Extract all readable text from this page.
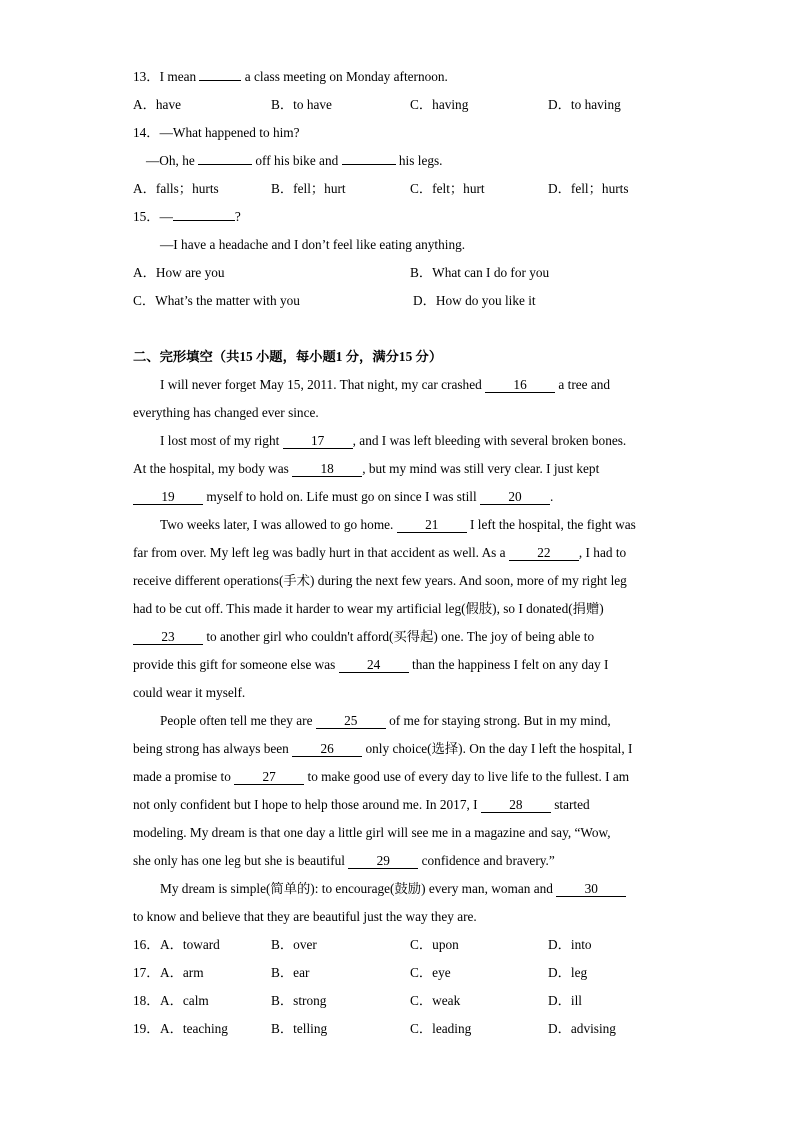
13．I mean	a class meeting on Monday afternoon.
A．have	B．to have	C．having	D．to having
14．—What happened to him?
—Oh, he	off his bike and	his legs.
A．falls；hurts	B．fell；hurt	C．felt；hurt	D．fell；hurts
15．—	?
—I have a headache and I don’t feel like eating anything.
A．How are you	B．What can I do for you
C．What’s the matter with you	D．How do you like it
二、完形填空（共15 小题，每小题1 分，满分15 分）
I will never forget May 15, 2011. That night, my car crashed 16 a tree and
everything has changed ever since.
I lost most of my right 17 , and I was left bleeding with several broken bones.
At the hospital, my body was 18 , but my mind was still very clear. I just kept
19 myself to hold on. Life must go on since I was still 20 .
Two weeks later, I was allowed to go home. 21 I left the hospital, the fight was
far from over. My left leg was badly hurt in that accident as well. As a 22 , I had to
receive different operations(手术) during the next few years. And soon, more of my right leg
had to be cut off. This made it harder to wear my artificial leg(假肢), so I donated(捐赠)
23 to another girl who couldn't afford(买得起) one. The joy of being able to
provide this gift for someone else was 24 than the happiness I felt on any day I
could wear it myself.
People often tell me they are 25 of me for staying strong. But in my mind,
being strong has always been 26 only choice(选择). On the day I left the hospital, I
made a promise to 27 to make good use of every day to live life to the fullest. I am
not only confident but I hope to help those around me. In 2017, I 28 started
modeling. My dream is that one day a little girl will see me in a magazine and say, “Wow,
she only has one leg but she is beautiful 29 confidence and bravery.”
My dream is simple(简单的): to encourage(鼓励) every man, woman and 30
to know and believe that they are beautiful just the way they are.
16． A．toward	B．over	C．upon	D．into
17． A．arm	B．ear	C．eye	D．leg
18． A．calm	B．strong	C．weak	D．ill
19． A．teaching	B．telling	C．leading	D．advising
